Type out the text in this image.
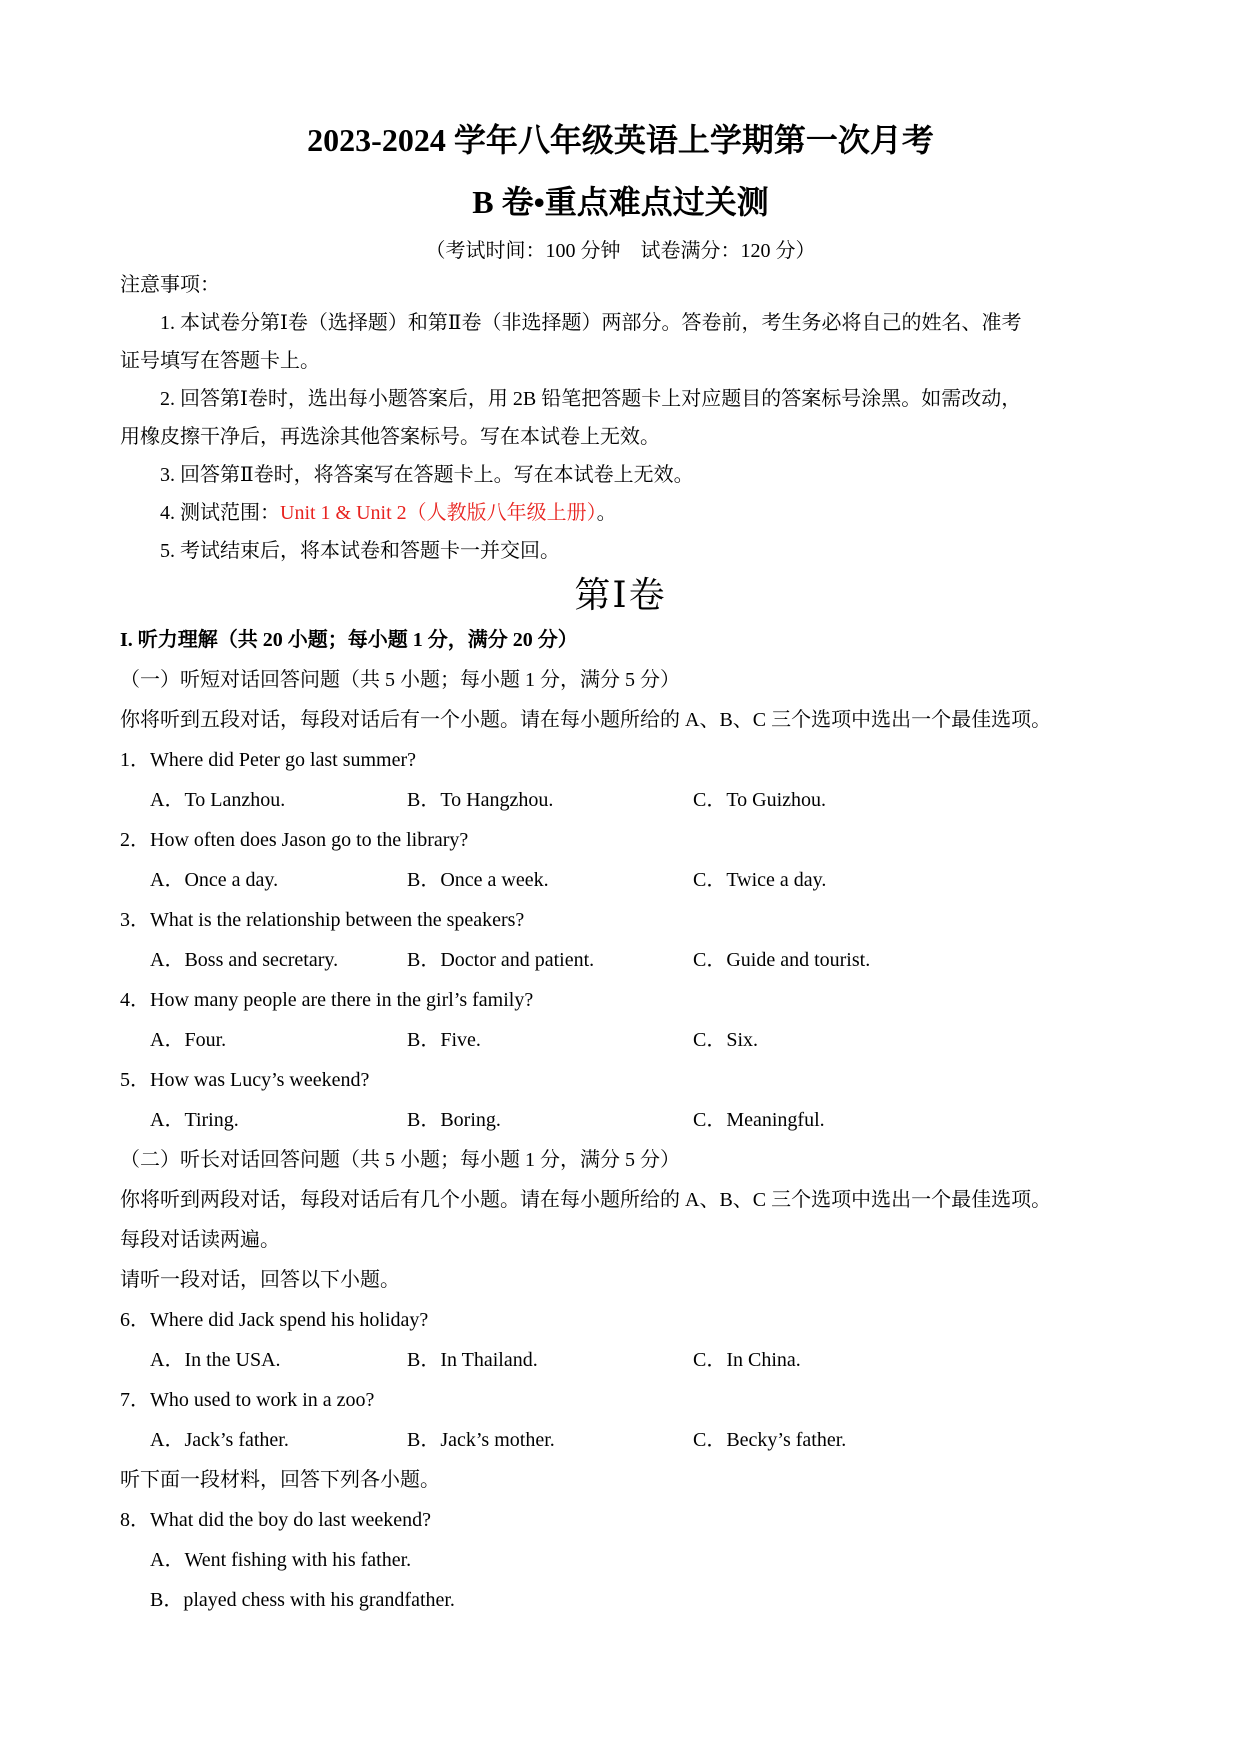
2023-2024 学年八年级英语上学期第一次月考

B 卷•重点难点过关测

（考试时间：100 分钟　试卷满分：120 分）

注意事项：

1. 本试卷分第Ⅰ卷（选择题）和第Ⅱ卷（非选择题）两部分。答卷前，考生务必将自己的姓名、准考

证号填写在答题卡上。

2. 回答第Ⅰ卷时，选出每小题答案后，用 2B 铅笔把答题卡上对应题目的答案标号涂黑。如需改动，

用橡皮擦干净后，再选涂其他答案标号。写在本试卷上无效。

3. 回答第Ⅱ卷时，将答案写在答题卡上。写在本试卷上无效。

4. 测试范围：Unit 1 & Unit 2（人教版八年级上册）。

5. 考试结束后，将本试卷和答题卡一并交回。

第Ⅰ卷

I. 听力理解（共 20 小题；每小题 1 分，满分 20 分）

（一）听短对话回答问题（共 5 小题；每小题 1 分，满分 5 分）

你将听到五段对话，每段对话后有一个小题。请在每小题所给的 A、B、C 三个选项中选出一个最佳选项。

1．Where did Peter go last summer?

A．To Lanzhou.	B．To Hangzhou.	C．To Guizhou.

2．How often does Jason go to the library?

A．Once a day.	B．Once a week.	C．Twice a day.

3．What is the relationship between the speakers?

A．Boss and secretary.	B．Doctor and patient.	C．Guide and tourist.

4．How many people are there in the girl’s family?

A．Four.	B．Five.	C．Six.

5．How was Lucy’s weekend?

A．Tiring.	B．Boring.	C．Meaningful.

（二）听长对话回答问题（共 5 小题；每小题 1 分，满分 5 分）

你将听到两段对话，每段对话后有几个小题。请在每小题所给的 A、B、C 三个选项中选出一个最佳选项。

每段对话读两遍。

请听一段对话，回答以下小题。

6．Where did Jack spend his holiday?

A．In the USA.	B．In Thailand.	C．In China.

7．Who used to work in a zoo?

A．Jack’s father.	B．Jack’s mother.	C．Becky’s father.

听下面一段材料，回答下列各小题。

8．What did the boy do last weekend?

A．Went fishing with his father.

B．played chess with his grandfather.
